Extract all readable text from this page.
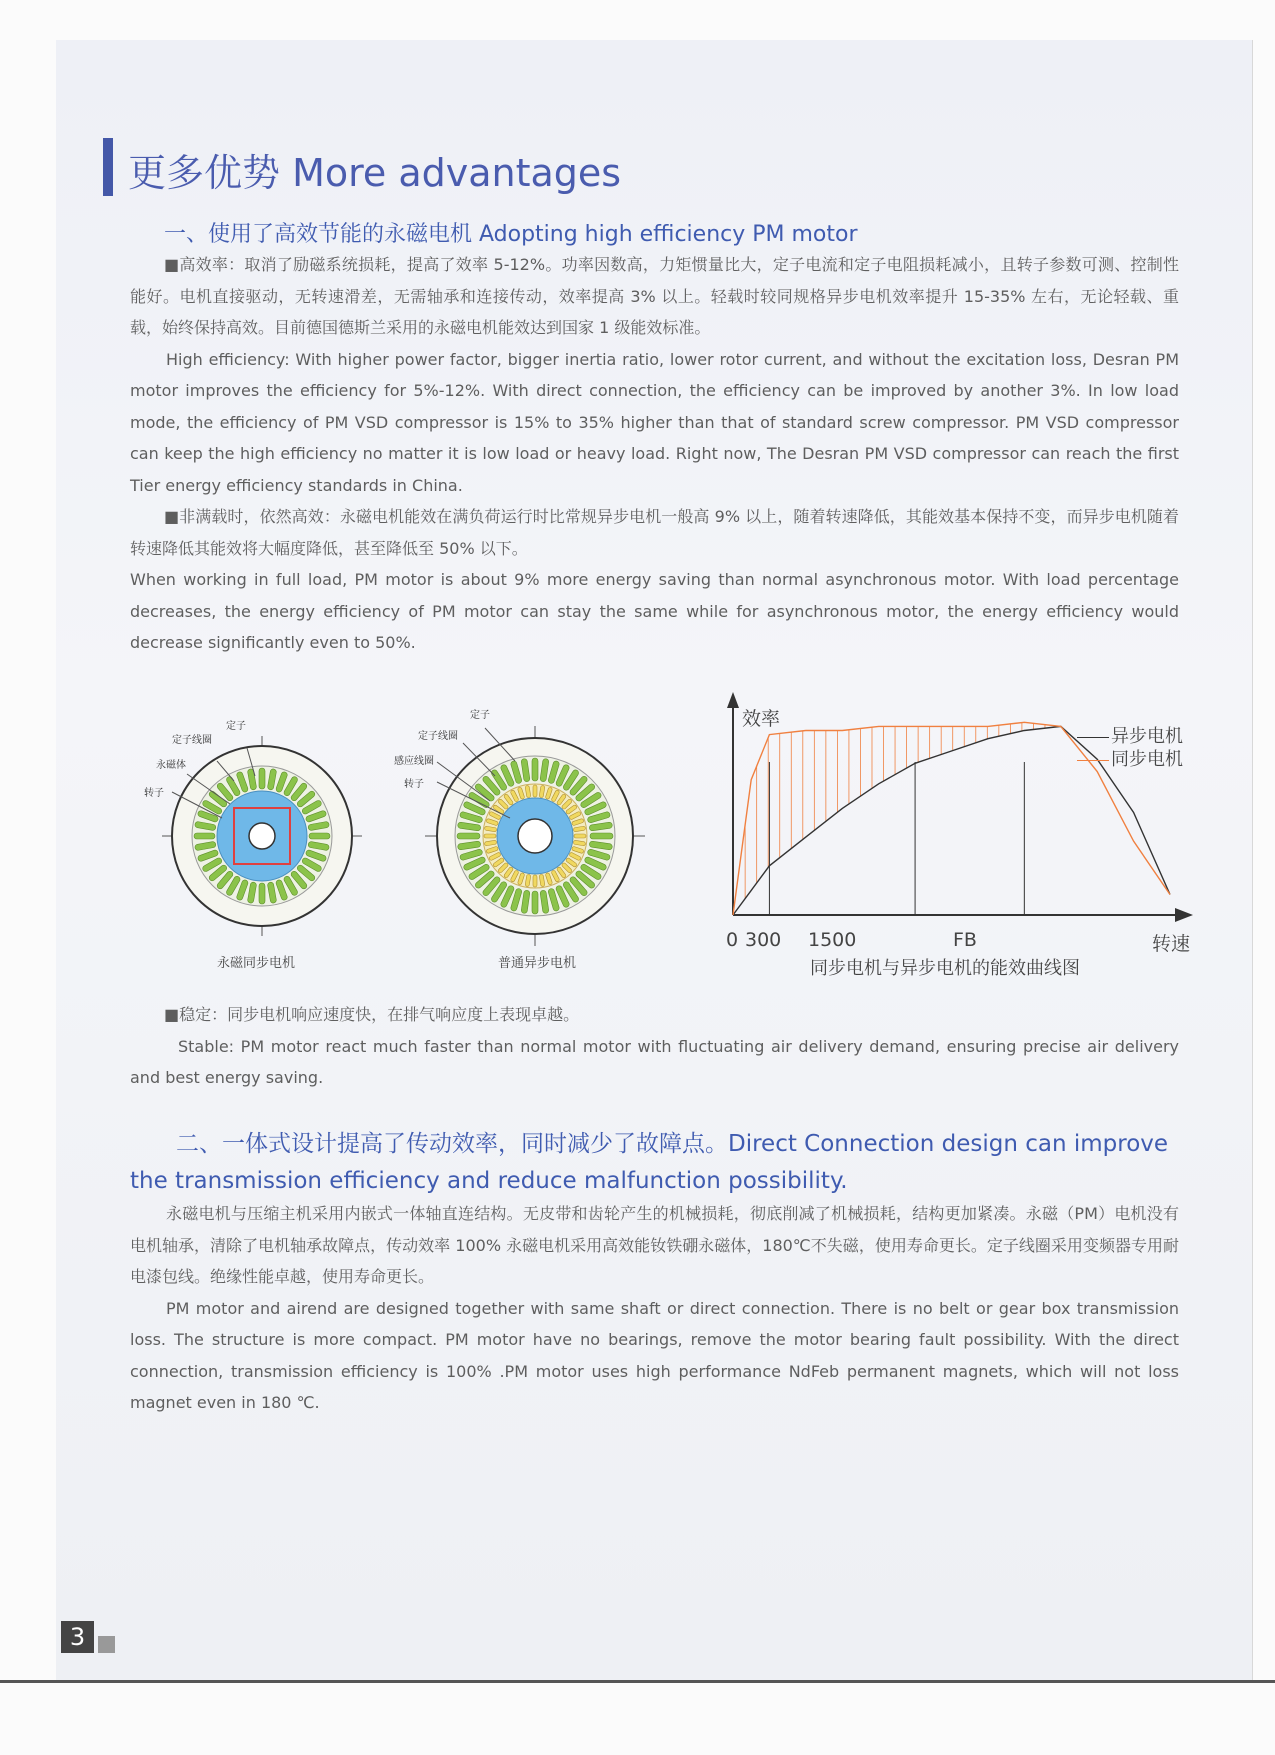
更多优势 More advantages
一、使用了高效节能的永磁电机 Adopting high efficiency PM motor

■高效率：取消了励磁系统损耗，提高了效率 5-12%。功率因数高，力矩惯量比大，定子电流和定子电阻损耗减小，且转子参数可测、控制性能好。电机直接驱动，无转速滑差，无需轴承和连接传动，效率提高 3% 以上。轻载时较同规格异步电机效率提升 15-35% 左右，无论轻载、重载，始终保持高效。目前德国德斯兰采用的永磁电机能效达到国家 1 级能效标准。

High efficiency: With higher power factor, bigger inertia ratio, lower rotor current, and without the excitation loss, Desran PM motor improves the efficiency for 5%-12%. With direct connection, the efficiency can be improved by another 3%. In low load mode, the efficiency of PM VSD compressor is 15% to 35% higher than that of standard screw compressor. PM VSD compressor can keep the high efficiency no matter it is low load or heavy load. Right now, The Desran PM VSD compressor can reach the first Tier energy efficiency standards in China.

■非满载时，依然高效：永磁电机能效在满负荷运行时比常规异步电机一般高 9% 以上，随着转速降低，其能效基本保持不变，而异步电机随着转速降低其能效将大幅度降低，甚至降低至 50% 以下。

When working in full load, PM motor is about 9% more energy saving than normal asynchronous motor. With load percentage decreases, the energy efficiency of PM motor can stay the same while for asynchronous motor, the energy efficiency would decrease significantly even to 50%.

定子
定子线圈
永磁体
转子
永磁同步电机
定子
定子线圈
感应线圈
转子
普通异步电机
效率
0 300 1500	FB	转速
同步电机与异步电机的能效曲线图
异步电机
同步电机

■稳定：同步电机响应速度快，在排气响应度上表现卓越。

Stable: PM motor react much faster than normal motor with fluctuating air delivery demand, ensuring precise air delivery and best energy saving.

二、一体式设计提高了传动效率，同时减少了故障点。Direct Connection design can improve the transmission efficiency and reduce malfunction possibility.

永磁电机与压缩主机采用内嵌式一体轴直连结构。无皮带和齿轮产生的机械损耗，彻底削减了机械损耗，结构更加紧凑。永磁（PM）电机没有电机轴承，清除了电机轴承故障点，传动效率 100% 永磁电机采用高效能钕铁硼永磁体，180℃不失磁，使用寿命更长。定子线圈采用变频器专用耐电漆包线。绝缘性能卓越，使用寿命更长。

PM motor and airend are designed together with same shaft or direct connection. There is no belt or gear box transmission loss. The structure is more compact. PM motor have no bearings, remove the motor bearing fault possibility. With the direct connection, transmission efficiency is 100% .PM motor uses high performance NdFeb permanent magnets, which will not loss magnet even in 180 ℃.

3
